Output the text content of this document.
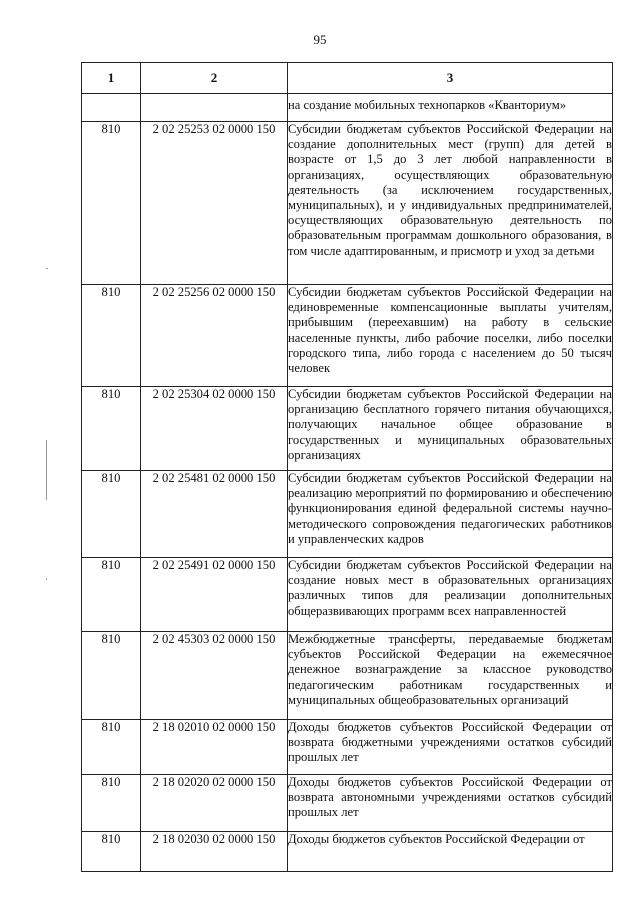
95
1	2	3
		на создание мобильных технопарков «Кванториум»
810	2 02 25253 02 0000 150	Субсидии бюджетам субъектов Российской Федерации на создание дополнительных мест (групп) для детей в возрасте от 1,5 до 3 лет любой направленности в организациях, осуществляющих образовательную деятельность (за исключением государственных, муниципальных), и у индивидуальных предпринимателей, осуществляющих образовательную деятельность по образовательным программам дошкольного образования, в том числе адаптированным, и присмотр и уход за детьми
810	2 02 25256 02 0000 150	Субсидии бюджетам субъектов Российской Федерации на единовременные компенсационные выплаты учителям, прибывшим (переехавшим) на работу в сельские населенные пункты, либо рабочие поселки, либо поселки городского типа, либо города с населением до 50 тысяч человек
810	2 02 25304 02 0000 150	Субсидии бюджетам субъектов Российской Федерации на организацию бесплатного горячего питания обучающихся, получающих начальное общее образование в государственных и муниципальных образовательных организациях
810	2 02 25481 02 0000 150	Субсидии бюджетам субъектов Российской Федерации на реализацию мероприятий по формированию и обеспечению функционирования единой федеральной системы научно-методического сопровождения педагогических работников и управленческих кадров
810	2 02 25491 02 0000 150	Субсидии бюджетам субъектов Российской Федерации на создание новых мест в образовательных организациях различных типов для реализации дополнительных общеразвивающих программ всех направленностей
810	2 02 45303 02 0000 150	Межбюджетные трансферты, передаваемые бюджетам субъектов Российской Федерации на ежемесячное денежное вознаграждение за классное руководство педагогическим работникам государственных и муниципальных общеобразовательных организаций
810	2 18 02010 02 0000 150	Доходы бюджетов субъектов Российской Федерации от возврата бюджетными учреждениями остатков субсидий прошлых лет
810	2 18 02020 02 0000 150	Доходы бюджетов субъектов Российской Федерации от возврата автономными учреждениями остатков субсидий прошлых лет
810	2 18 02030 02 0000 150	Доходы бюджетов субъектов Российской Федерации от
